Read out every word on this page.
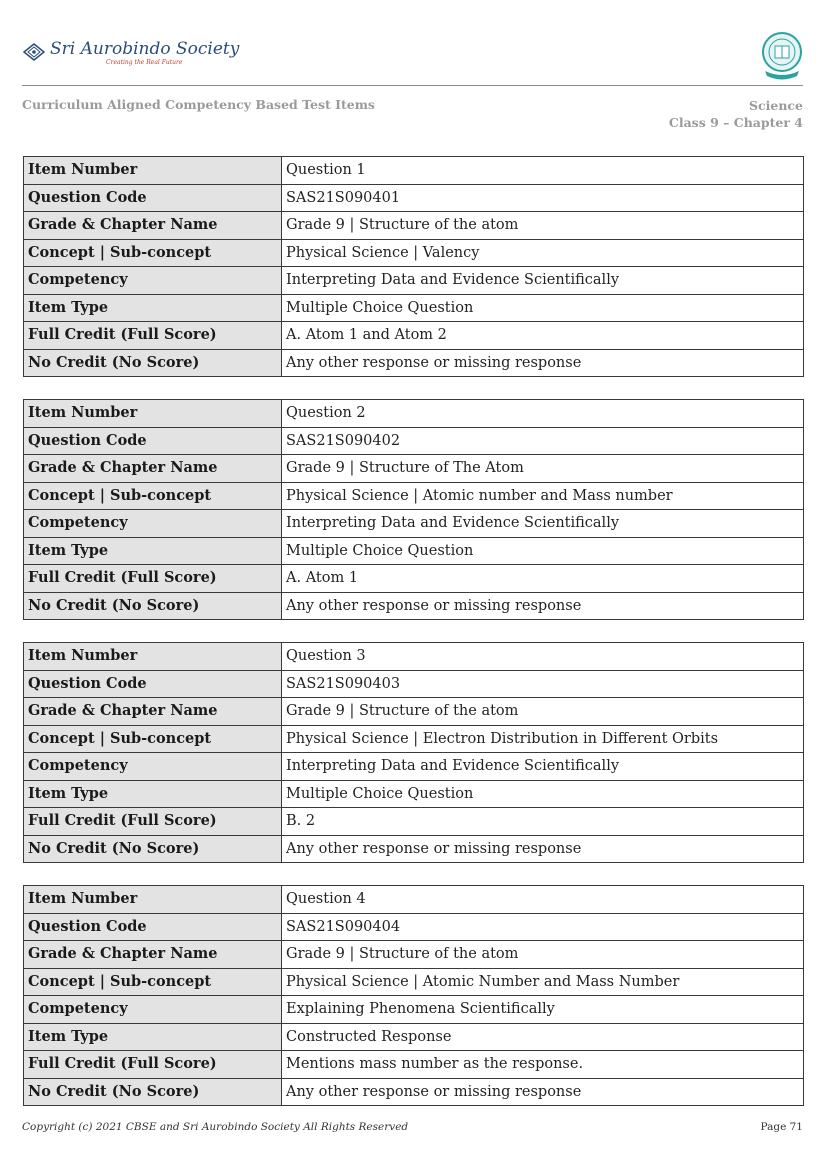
Sri Aurobindo Society
Creating the Real Future
Curriculum Aligned Competency Based Test Items	Science
Class 9 – Chapter 4
Item Number	Question 1
Question Code	SAS21S090401
Grade & Chapter Name	Grade 9 | Structure of the atom
Concept | Sub-concept	Physical Science | Valency
Competency	Interpreting Data and Evidence Scientifically
Item Type	Multiple Choice Question
Full Credit (Full Score)	A. Atom 1 and Atom 2
No Credit (No Score)	Any other response or missing response
Item Number	Question 2
Question Code	SAS21S090402
Grade & Chapter Name	Grade 9 | Structure of The Atom
Concept | Sub-concept	Physical Science | Atomic number and Mass number
Competency	Interpreting Data and Evidence Scientifically
Item Type	Multiple Choice Question
Full Credit (Full Score)	A. Atom 1
No Credit (No Score)	Any other response or missing response
Item Number	Question 3
Question Code	SAS21S090403
Grade & Chapter Name	Grade 9 | Structure of the atom
Concept | Sub-concept	Physical Science | Electron Distribution in Different Orbits
Competency	Interpreting Data and Evidence Scientifically
Item Type	Multiple Choice Question
Full Credit (Full Score)	B. 2
No Credit (No Score)	Any other response or missing response
Item Number	Question 4
Question Code	SAS21S090404
Grade & Chapter Name	Grade 9 | Structure of the atom
Concept | Sub-concept	Physical Science | Atomic Number and Mass Number
Competency	Explaining Phenomena Scientifically
Item Type	Constructed Response
Full Credit (Full Score)	Mentions mass number as the response.
No Credit (No Score)	Any other response or missing response
Copyright (c) 2021 CBSE and Sri Aurobindo Society All Rights Reserved	Page 71
